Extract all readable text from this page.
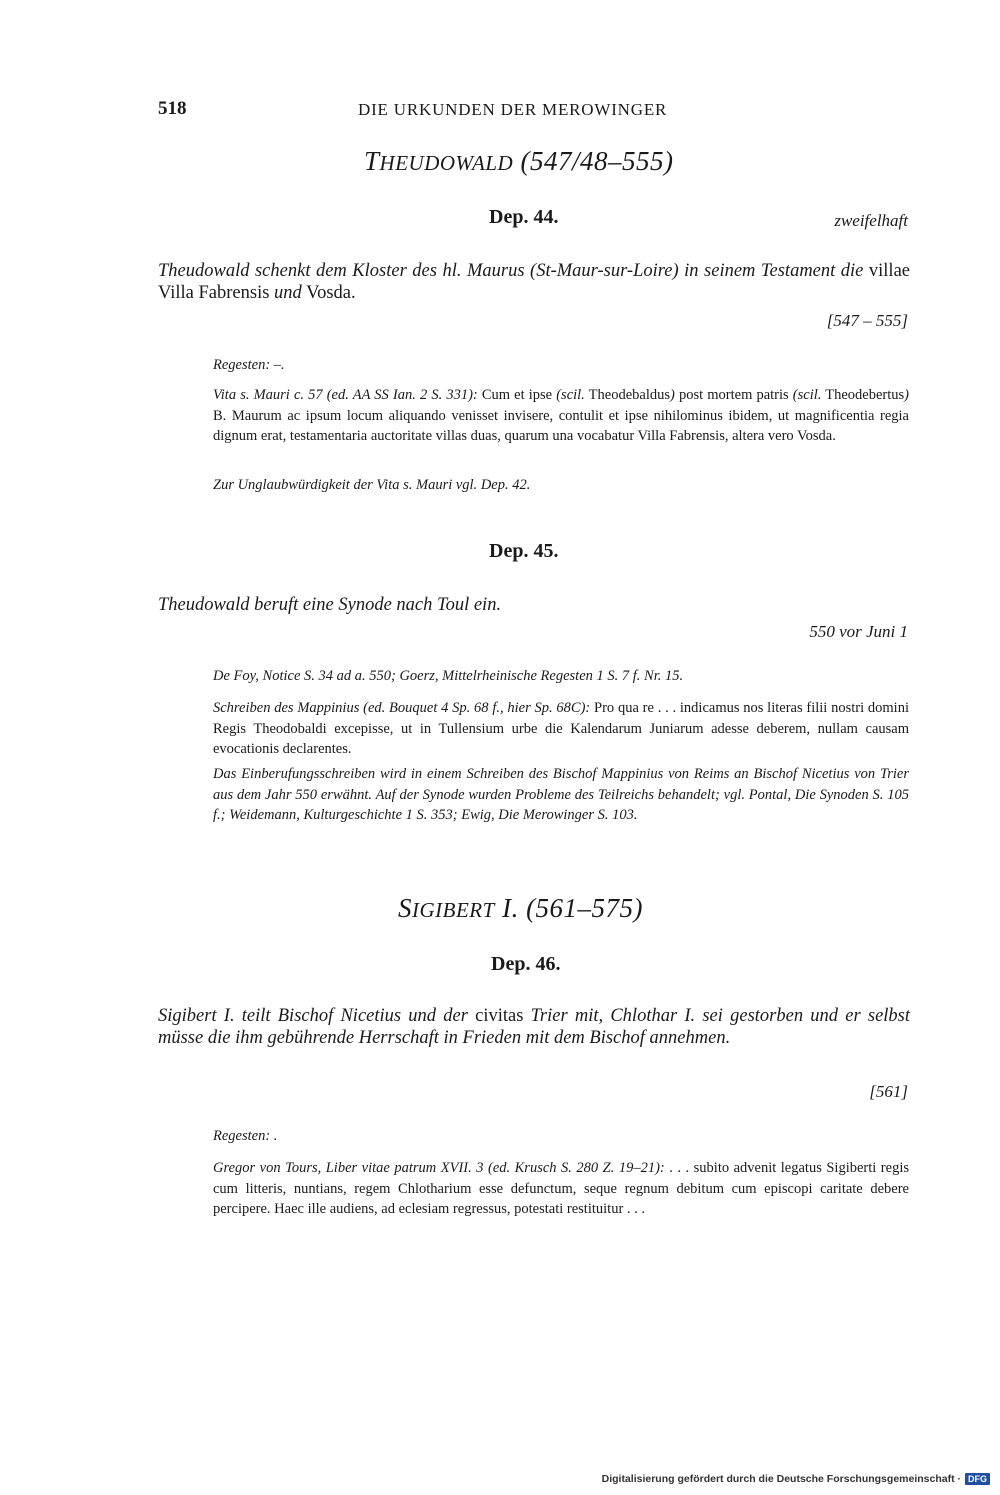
518	DIE URKUNDEN DER MEROWINGER
THEUDOWALD (547/48–555)
Dep. 44.	zweifelhaft

Theudowald schenkt dem Kloster des hl. Maurus (St-Maur-sur-Loire) in seinem Testament die villae Villa Fabrensis und Vosda.

[547 – 555]
Regesten: –.

Vita s. Mauri c. 57 (ed. AA SS Ian. 2 S. 331): Cum et ipse (scil. Theodebaldus) post mortem patris (scil. Theodebertus) B. Maurum ac ipsum locum aliquando venisset invisere, contulit et ipse nihilominus ibidem, ut magnificentia regia dignum erat, testamentaria auctoritate villas duas, quarum una vocabatur Villa Fabrensis, altera vero Vosda.

Zur Unglaubwürdigkeit der Vita s. Mauri vgl. Dep. 42.

Dep. 45.

Theudowald beruft eine Synode nach Toul ein.

550 vor Juni 1

De Foy, Notice S. 34 ad a. 550; Goerz, Mittelrheinische Regesten 1 S. 7 f. Nr. 15.

Schreiben des Mappinius (ed. Bouquet 4 Sp. 68 f., hier Sp. 68C): Pro qua re . . . indicamus nos literas filii nostri domini Regis Theodobaldi excepisse, ut in Tullensium urbe die Kalendarum Juniarum adesse deberem, nullam causam evocationis declarentes.

Das Einberufungsschreiben wird in einem Schreiben des Bischof Mappinius von Reims an Bischof Nicetius von Trier aus dem Jahr 550 erwähnt. Auf der Synode wurden Probleme des Teilreichs behandelt; vgl. Pontal, Die Synoden S. 105 f.; Weidemann, Kulturgeschichte 1 S. 353; Ewig, Die Merowinger S. 103.

SIGIBERT I. (561–575)
Dep. 46.

Sigibert I. teilt Bischof Nicetius und der civitas Trier mit, Chlothar I. sei gestorben und er selbst müsse die ihm gebührende Herrschaft in Frieden mit dem Bischof annehmen.

[561]
Regesten: .

Gregor von Tours, Liber vitae patrum XVII. 3 (ed. Krusch S. 280 Z. 19–21): . . . subito advenit legatus Sigiberti regis cum litteris, nuntians, regem Chlotharium esse defunctum, seque regnum debitum cum episcopi caritate debere percipere. Haec ille audiens, ad eclesiam regressus, potestati restituitur . . .

Digitalisierung gefördert durch die Deutsche Forschungsgemeinschaft · DFG
